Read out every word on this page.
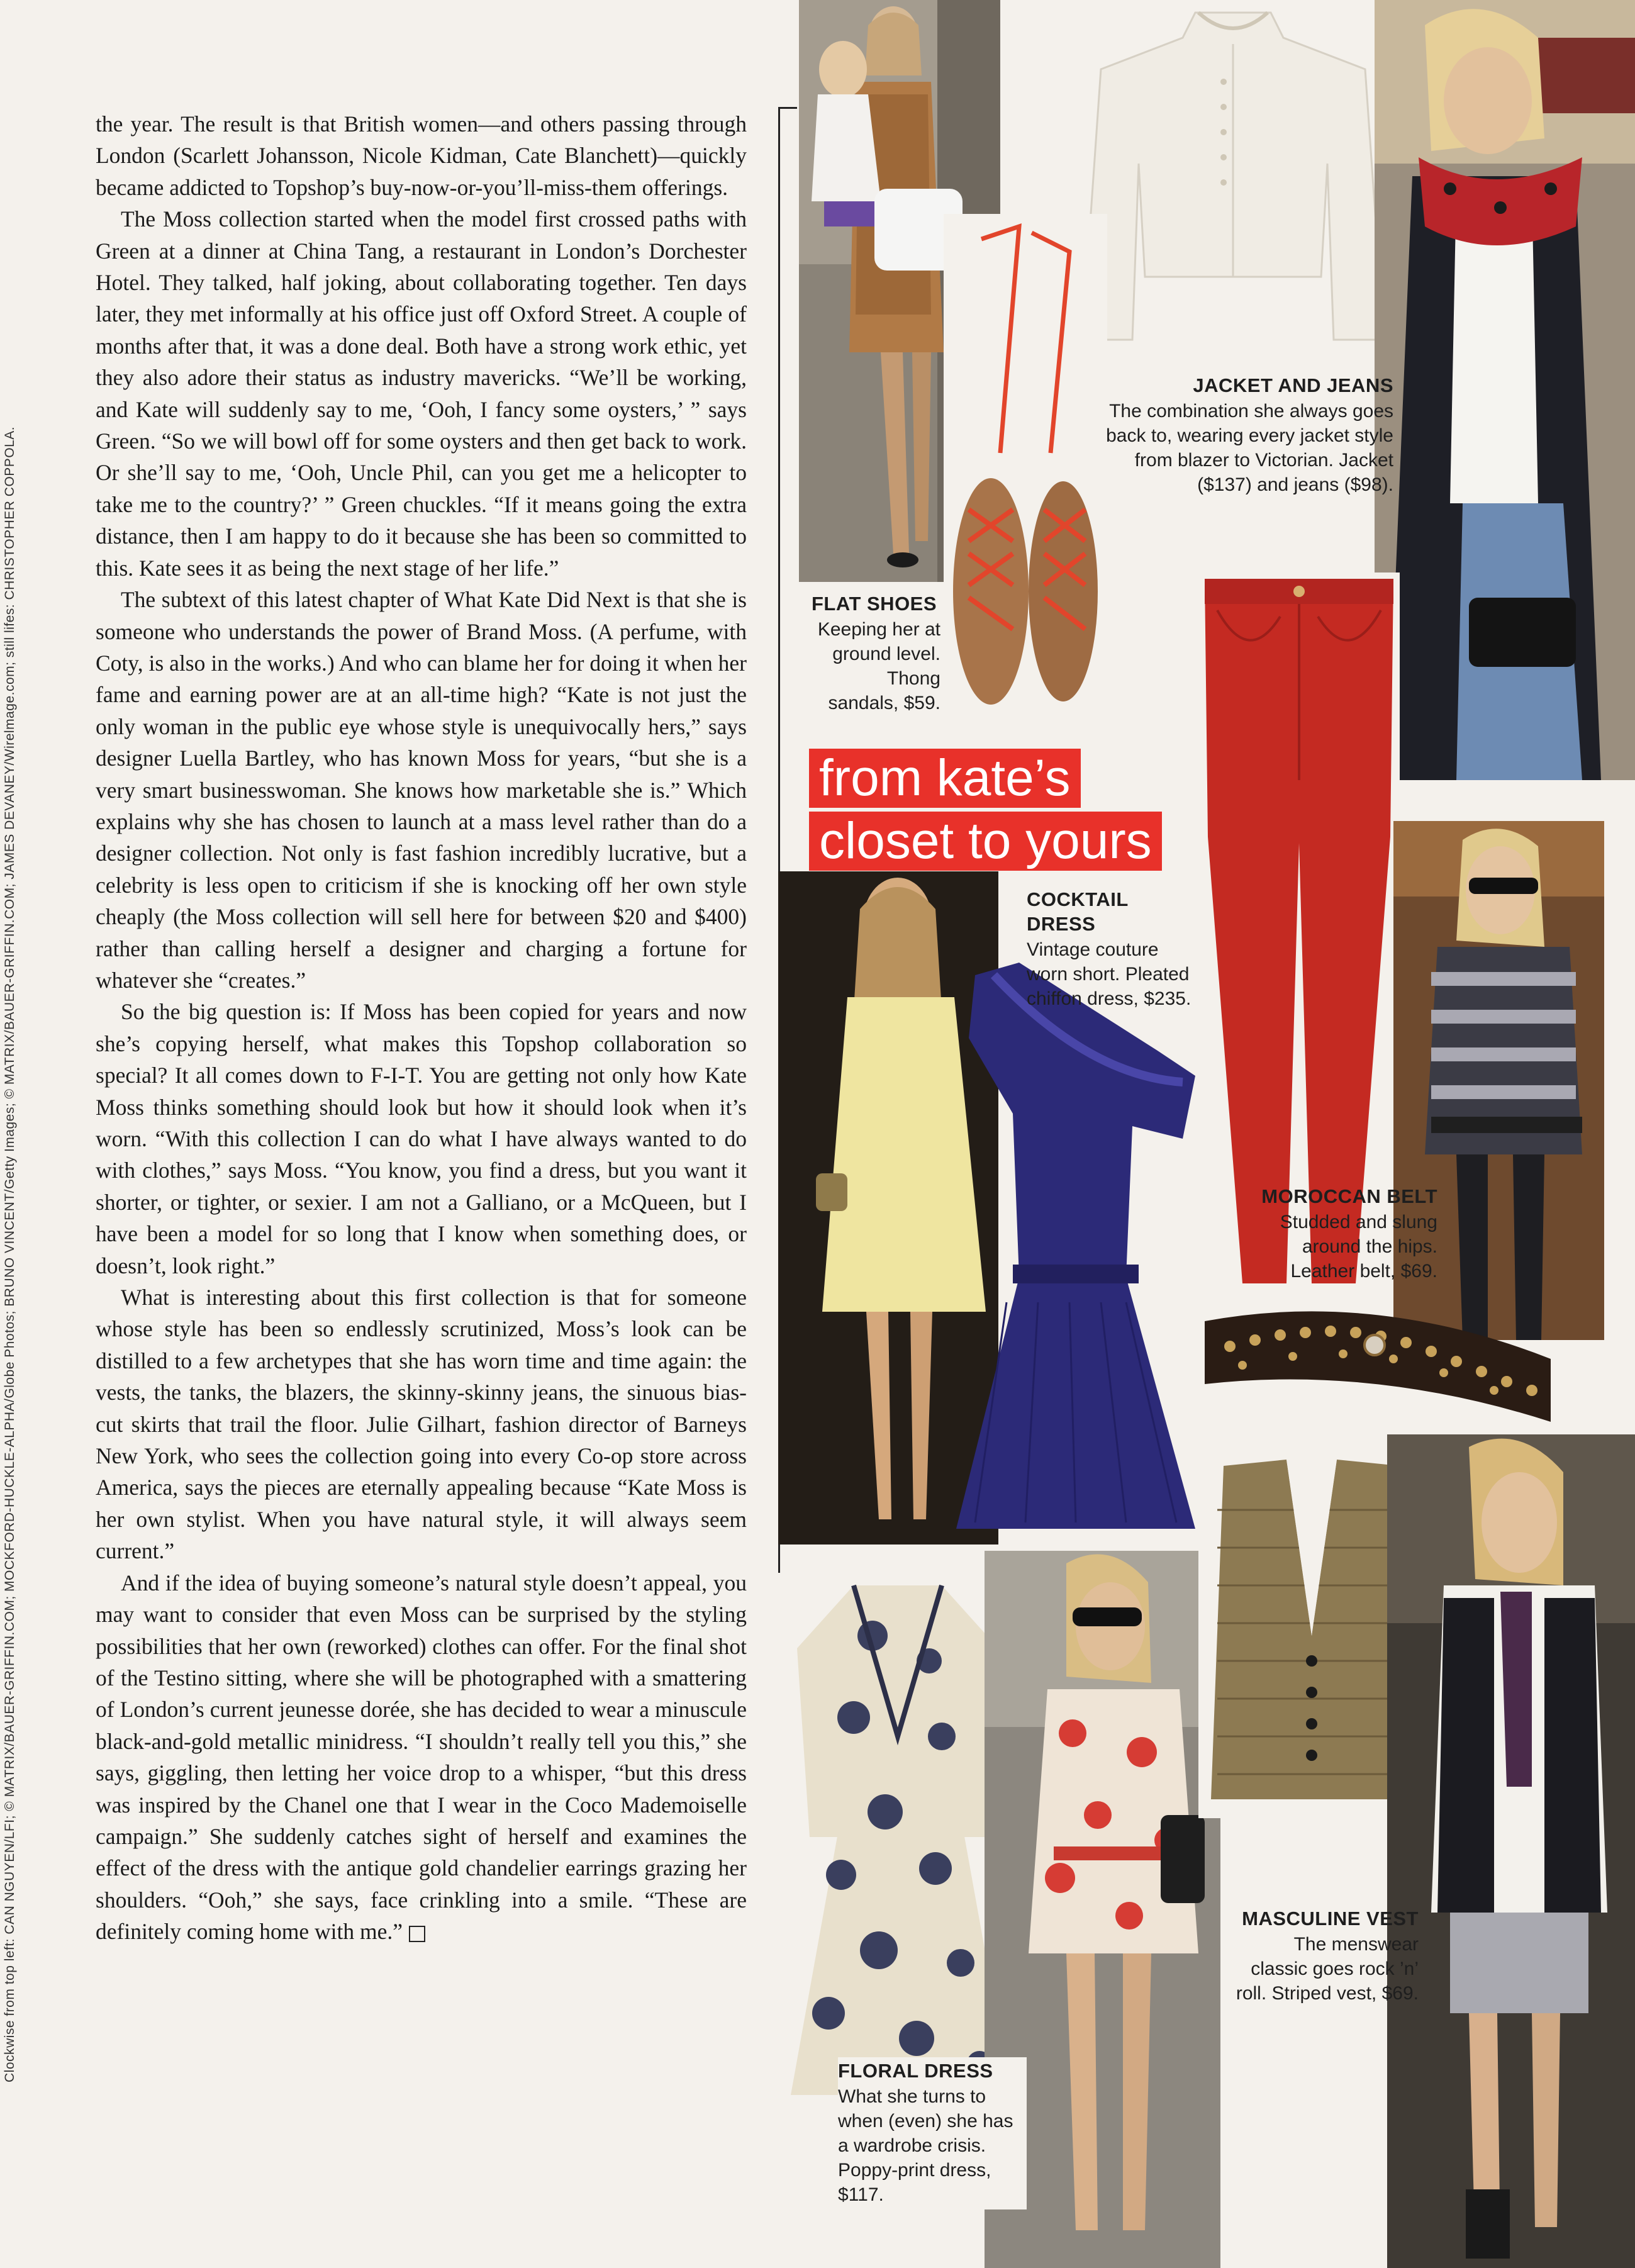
Clockwise from top left: CAN NGUYEN/LFI; © MATRIX/BAUER-GRIFFIN.COM; MOCKFORD-HUCKLE-ALPHA/Globe Photos; BRUNO VINCENT/Getty Images; © MATRIX/BAUER-GRIFFIN.COM; JAMES DEVANEY/Wirelmage.com; still lifes: CHRISTOPHER COPPOLA.

the year. The result is that British women—and others passing through London (Scarlett Johansson, Nicole Kidman, Cate Blanchett)—quickly became addicted to Topshop’s buy-now-or-you’ll-miss-them offerings.

The Moss collection started when the model first crossed paths with Green at a dinner at China Tang, a restaurant in London’s Dorchester Hotel. They talked, half joking, about collaborating together. Ten days later, they met informally at his office just off Oxford Street. A couple of months after that, it was a done deal. Both have a strong work ethic, yet they also adore their status as industry mavericks. “We’ll be working, and Kate will suddenly say to me, ‘Ooh, I fancy some oysters,’ ” says Green. “So we will bowl off for some oysters and then get back to work. Or she’ll say to me, ‘Ooh, Uncle Phil, can you get me a helicopter to take me to the country?’ ” Green chuckles. “If it means going the extra distance, then I am happy to do it because she has been so committed to this. Kate sees it as being the next stage of her life.”

The subtext of this latest chapter of What Kate Did Next is that she is someone who understands the power of Brand Moss. (A perfume, with Coty, is also in the works.) And who can blame her for doing it when her fame and earning power are at an all-time high? “Kate is not just the only woman in the public eye whose style is unequivocally hers,” says designer Luella Bartley, who has known Moss for years, “but she is a very smart businesswoman. She knows how marketable she is.” Which explains why she has chosen to launch at a mass level rather than do a designer collection. Not only is fast fashion incredibly lucrative, but a celebrity is less open to criticism if she is knocking off her own style cheaply (the Moss collection will sell here for between $20 and $400) rather than calling herself a designer and charging a fortune for whatever she “creates.”

So the big question is: If Moss has been copied for years and now she’s copying herself, what makes this Topshop collaboration so special? It all comes down to F-I-T. You are getting not only how Kate Moss thinks something should look but how it should look when it’s worn. “With this collection I can do what I have always wanted to do with clothes,” says Moss. “You know, you find a dress, but you want it shorter, or tighter, or sexier. I am not a Galliano, or a McQueen, but I have been a model for so long that I know when something does, or doesn’t, look right.”

What is interesting about this first collection is that for someone whose style has been so endlessly scrutinized, Moss’s look can be distilled to a few archetypes that she has worn time and time again: the vests, the tanks, the blazers, the skinny-skinny jeans, the sinuous bias-cut skirts that trail the floor. Julie Gilhart, fashion director of Barneys New York, who sees the collection going into every Co-op store across America, says the pieces are eternally appealing because “Kate Moss is her own stylist. When you have natural style, it will always seem current.”

And if the idea of buying someone’s natural style doesn’t appeal, you may want to consider that even Moss can be surprised by the styling possibilities that her own (reworked) clothes can offer. For the final shot of the Testino sitting, where she will be photographed with a smattering of London’s current jeunesse dorée, she has decided to wear a minuscule black-and-gold metallic minidress. “I shouldn’t really tell you this,” she says, giggling, then letting her voice drop to a whisper, “but this dress was inspired by the Chanel one that I wear in the Coco Mademoiselle campaign.” She suddenly catches sight of herself and examines the effect of the dress with the antique gold chandelier earrings grazing her shoulders. “Ooh,” she says, face crinkling into a smile. “These are definitely coming home with me.”

from kate’s
closet to yours
JACKET AND JEANS
The combination she always goes back to, wearing every jacket style from blazer to Victorian. Jacket ($137) and jeans ($98).
FLAT SHOES
Keeping her at ground level. Thong sandals, $59.
COCKTAIL DRESS
Vintage couture worn short. Pleated chiffon dress, $235.
MOROCCAN BELT
Studded and slung around the hips. Leather belt, $69.
MASCULINE VEST
The menswear classic goes rock ’n’ roll. Striped vest, $69.
FLORAL DRESS
What she turns to when (even) she has a wardrobe crisis. Poppy-print dress, $117.
